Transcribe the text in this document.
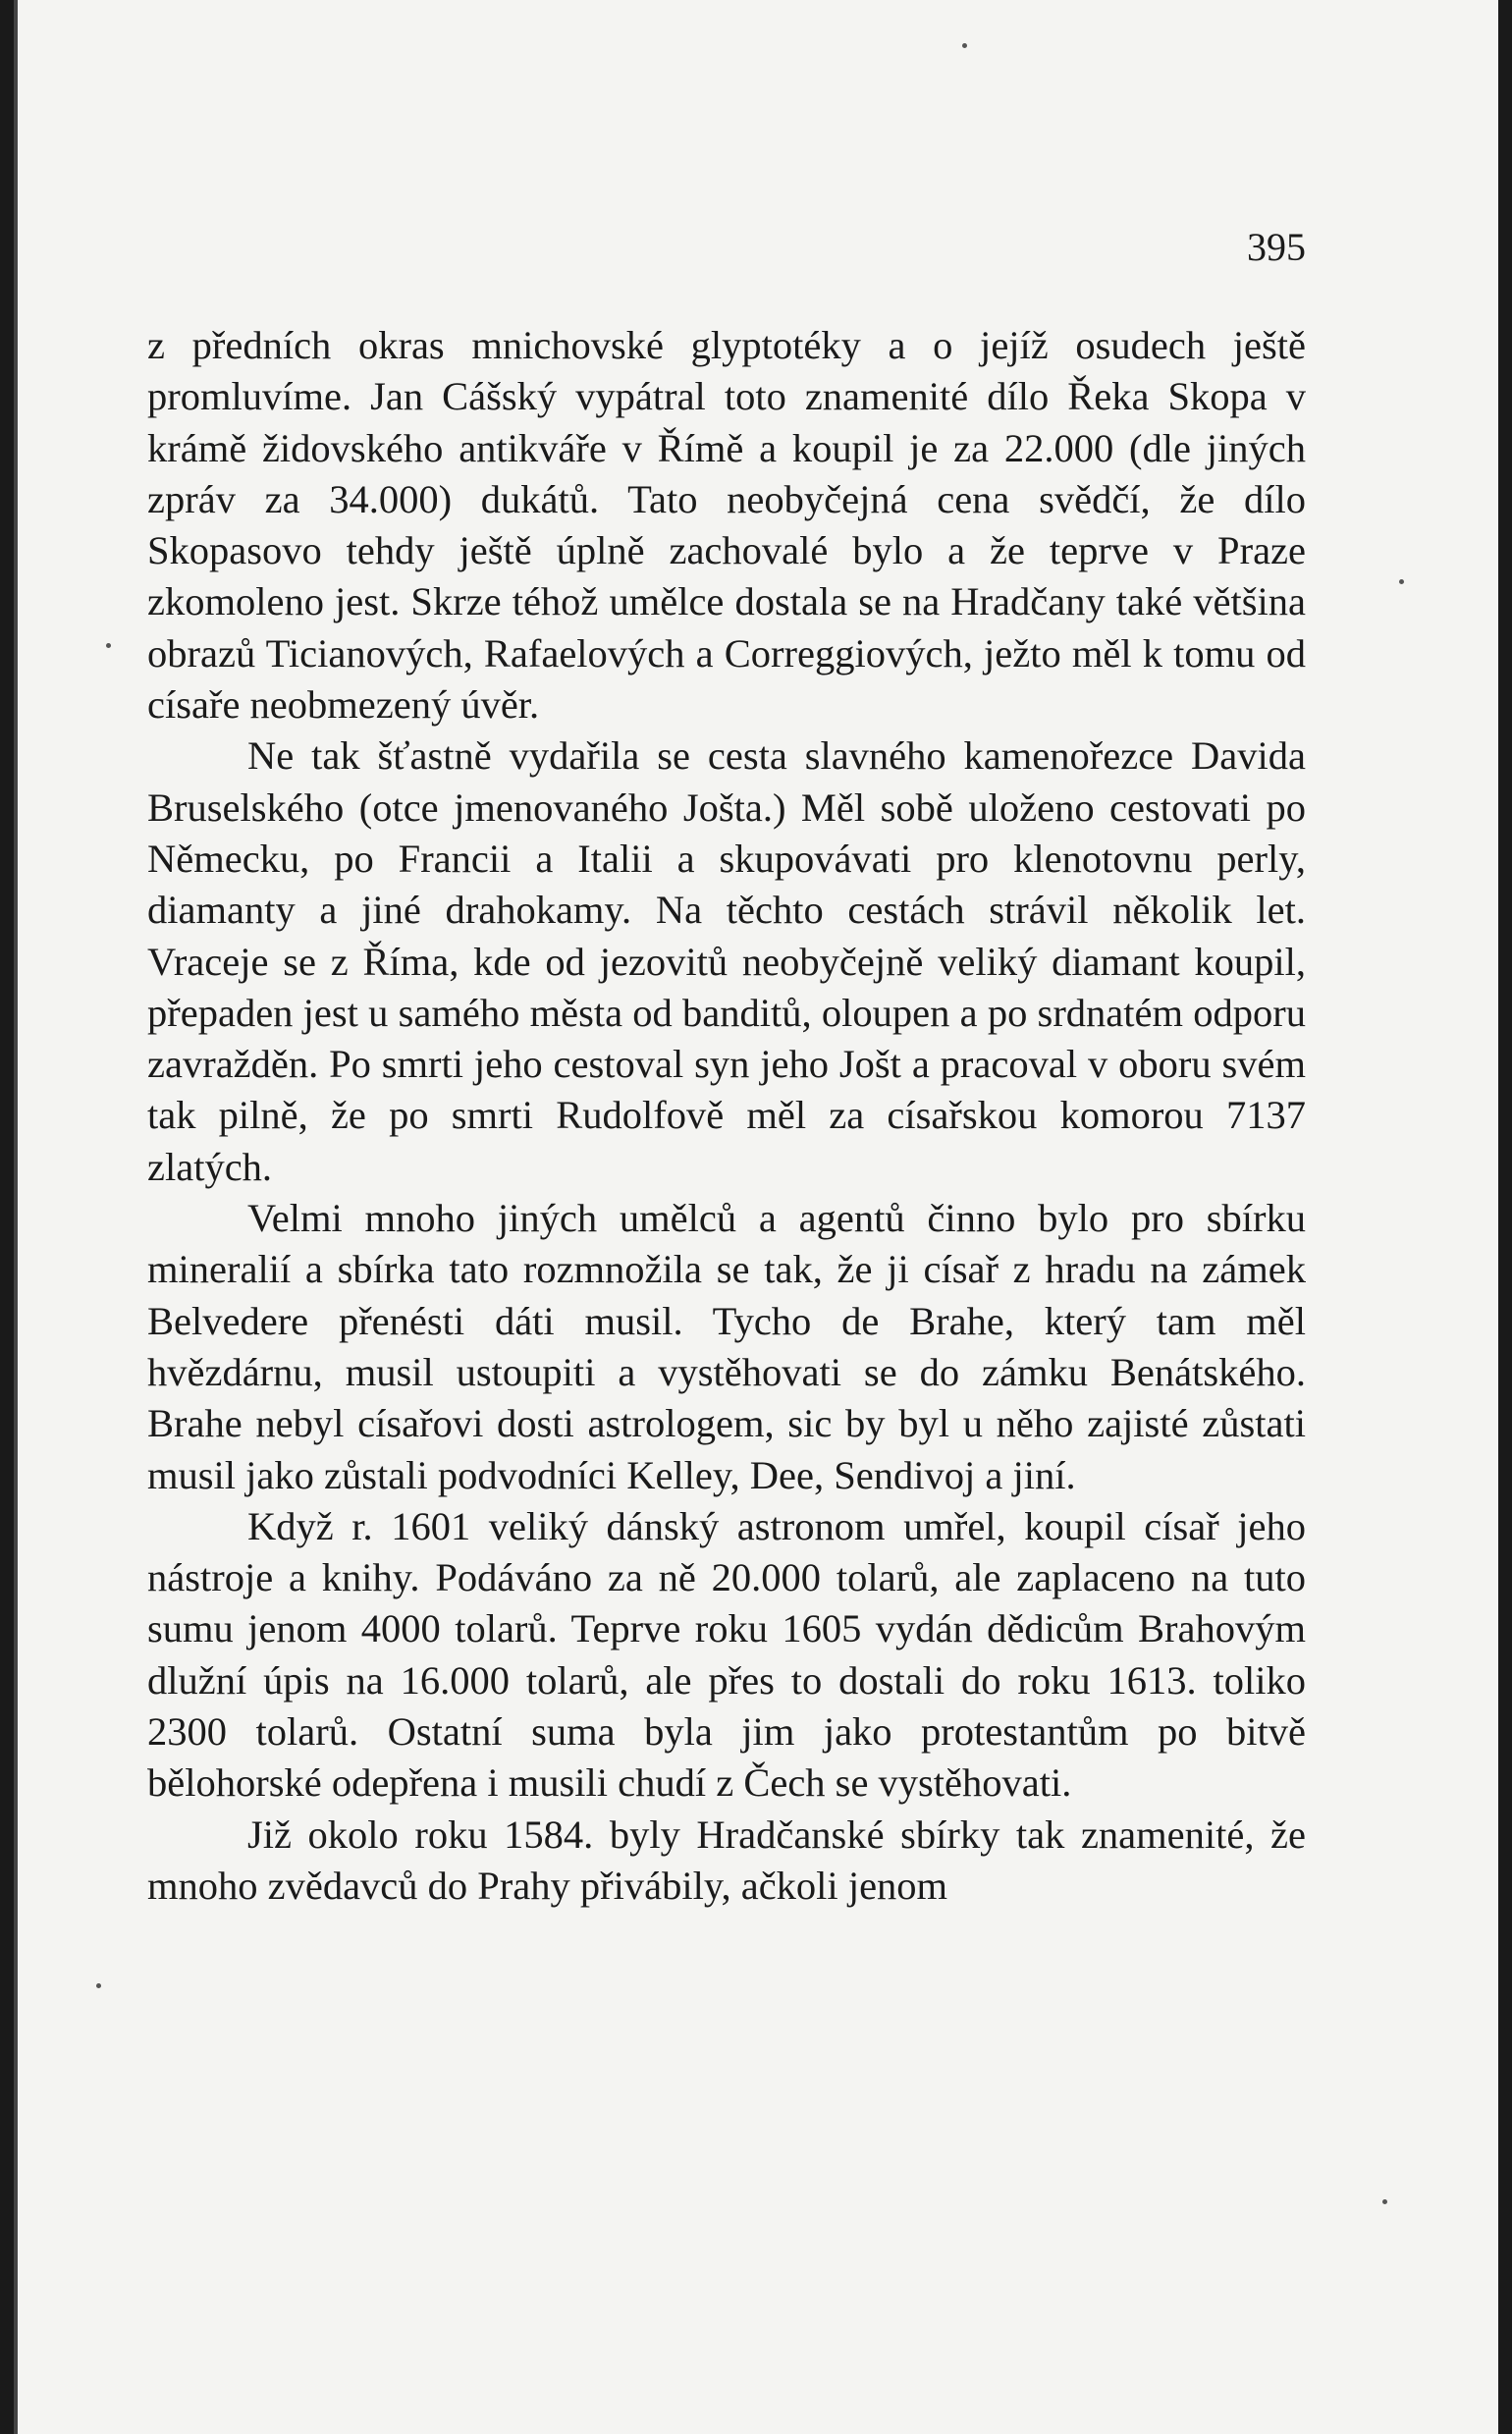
395

z předních okras mnichovské glyptotéky a o jejíž osudech ještě promluvíme. Jan Cášský vypátral toto znamenité dílo Řeka Skopa v krámě židovského antikváře v Římě a koupil je za 22.000 (dle jiných zpráv za 34.000) dukátů. Tato neobyčejná cena svědčí, že dílo Skopasovo tehdy ještě úplně zachovalé bylo a že teprve v Praze zkomoleno jest. Skrze téhož umělce dostala se na Hradčany také většina obrazů Ticianových, Rafaelových a Correggiových, ježto měl k tomu od císaře neobmezený úvěr.

Ne tak šťastně vydařila se cesta slavného kamenořezce Davida Bruselského (otce jmenovaného Jošta.) Měl sobě uloženo cestovati po Německu, po Francii a Italii a skupovávati pro klenotovnu perly, diamanty a jiné drahokamy. Na těchto cestách strávil několik let. Vraceje se z Říma, kde od jezovitů neobyčejně veliký diamant koupil, přepaden jest u samého města od banditů, oloupen a po srdnatém odporu zavražděn. Po smrti jeho cestoval syn jeho Jošt a pracoval v oboru svém tak pilně, že po smrti Rudolfově měl za císařskou komorou 7137 zlatých.

Velmi mnoho jiných umělců a agentů činno bylo pro sbírku mineralií a sbírka tato rozmnožila se tak, že ji císař z hradu na zámek Belvedere přenésti dáti musil. Tycho de Brahe, který tam měl hvězdárnu, musil ustoupiti a vystěhovati se do zámku Benátského. Brahe nebyl císařovi dosti astrologem, sic by byl u něho zajisté zůstati musil jako zůstali podvodníci Kelley, Dee, Sendivoj a jiní.

Když r. 1601 veliký dánský astronom umřel, koupil císař jeho nástroje a knihy. Podáváno za ně 20.000 tolarů, ale zaplaceno na tuto sumu jenom 4000 tolarů. Teprve roku 1605 vydán dědicům Brahovým dlužní úpis na 16.000 tolarů, ale přes to dostali do roku 1613. toliko 2300 tolarů. Ostatní suma byla jim jako protestantům po bitvě bělohorské odepřena i musili chudí z Čech se vystěhovati.

Již okolo roku 1584. byly Hradčanské sbírky tak znamenité, že mnoho zvědavců do Prahy přivábily, ačkoli jenom
